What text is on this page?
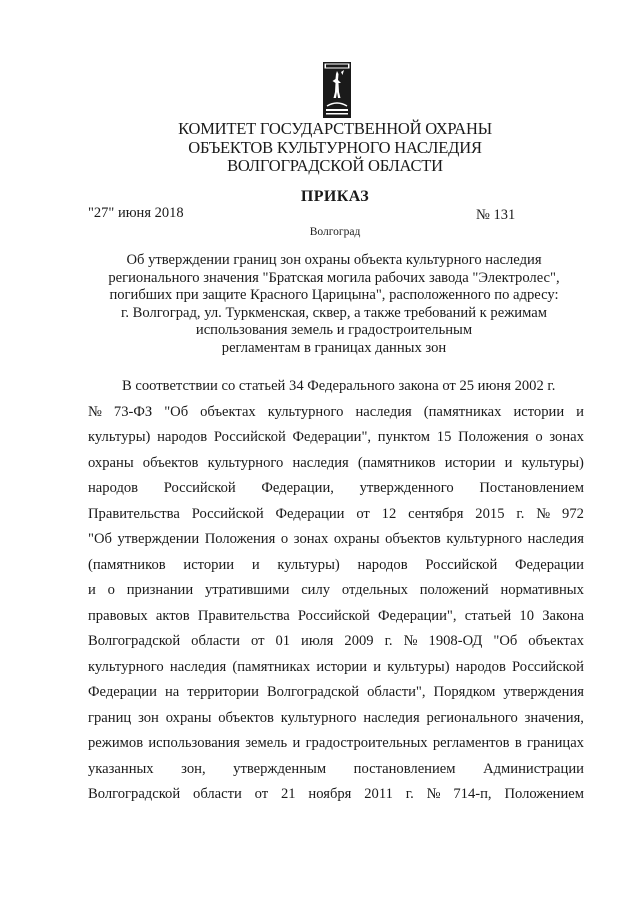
КОМИТЕТ ГОСУДАРСТВЕННОЙ ОХРАНЫ
ОБЪЕКТОВ КУЛЬТУРНОГО НАСЛЕДИЯ
ВОЛГОГРАДСКОЙ ОБЛАСТИ
ПРИКАЗ
"27" июня 2018	№ 131
Волгоград
Об утверждении границ зон охраны объекта культурного наследия
регионального значения "Братская могила рабочих завода "Электролес",
погибших при защите Красного Царицына", расположенного по адресу:
г. Волгоград, ул. Туркменская, сквер, а также требований к режимам
использования земель и градостроительным
регламентам в границах данных зон
В соответствии со статьей 34 Федерального закона от 25 июня 2002 г.
№ 73-ФЗ "Об объектах культурного наследия (памятниках истории и
культуры) народов Российской Федерации", пунктом 15 Положения о зонах
охраны объектов культурного наследия (памятников истории и культуры)
народов Российской Федерации, утвержденного Постановлением
Правительства Российской Федерации от 12 сентября 2015 г. № 972
"Об утверждении Положения о зонах охраны объектов культурного наследия
(памятников истории и культуры) народов Российской Федерации
и о признании утратившими силу отдельных положений нормативных
правовых актов Правительства Российской Федерации", статьей 10 Закона
Волгоградской области от 01 июля 2009 г. № 1908-ОД "Об объектах
культурного наследия (памятниках истории и культуры) народов Российской
Федерации на территории Волгоградской области", Порядком утверждения
границ зон охраны объектов культурного наследия регионального значения,
режимов использования земель и градостроительных регламентов в границах
указанных зон, утвержденным постановлением Администрации
Волгоградской области от 21 ноября 2011 г. № 714-п, Положением
